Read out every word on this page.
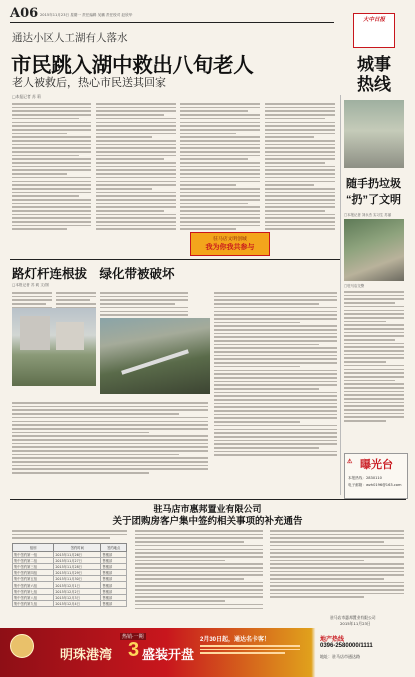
A06 2015年11月23日 星期一 责任编辑 吴鹏 责任校对 赵欣华
大中日报
城事
热线
通达小区人工湖有人落水
市民跳入湖中救出八旬老人
老人被救后，热心市民送其回家
□本报记者 苏 莉
随手扔垃圾
“扔”了文明
□本报记者 刘永杰 实习生 苏丽
驻马店文明创城
我为你我共参与
□驻马店交警
路灯杆连根拔　绿化带被破坏
□本报记者 苏 莉 文/图
⚠ 曝光台
本报热线：2830110
电子邮箱：wzh0196@163.com
驻马店市惠邦置业有限公司
关于团购房客户集中签约相关事项的补充通告
组别	签约时间	签约地点
集中签约第一组	2015年11月26日	售楼部
集中签约第二组	2015年11月27日	售楼部
集中签约第三组	2015年11月28日	售楼部
集中签约第四组	2015年11月29日	售楼部
集中签约第五组	2015年11月30日	售楼部
集中签约第六组	2015年12月1日	售楼部
集中签约第七组	2015年12月2日	售楼部
集中签约第八组	2015年12月3日	售楼部
集中签约第九组	2015年12月4日	售楼部
驻马店市惠邦置业有限公司
2015年11月23日
热销·一期
明珠港湾 3 盛装开盘
2月30日起，通达名卡客！	地产热线
0396-2580000/1111
地址：驻马店市通达路
